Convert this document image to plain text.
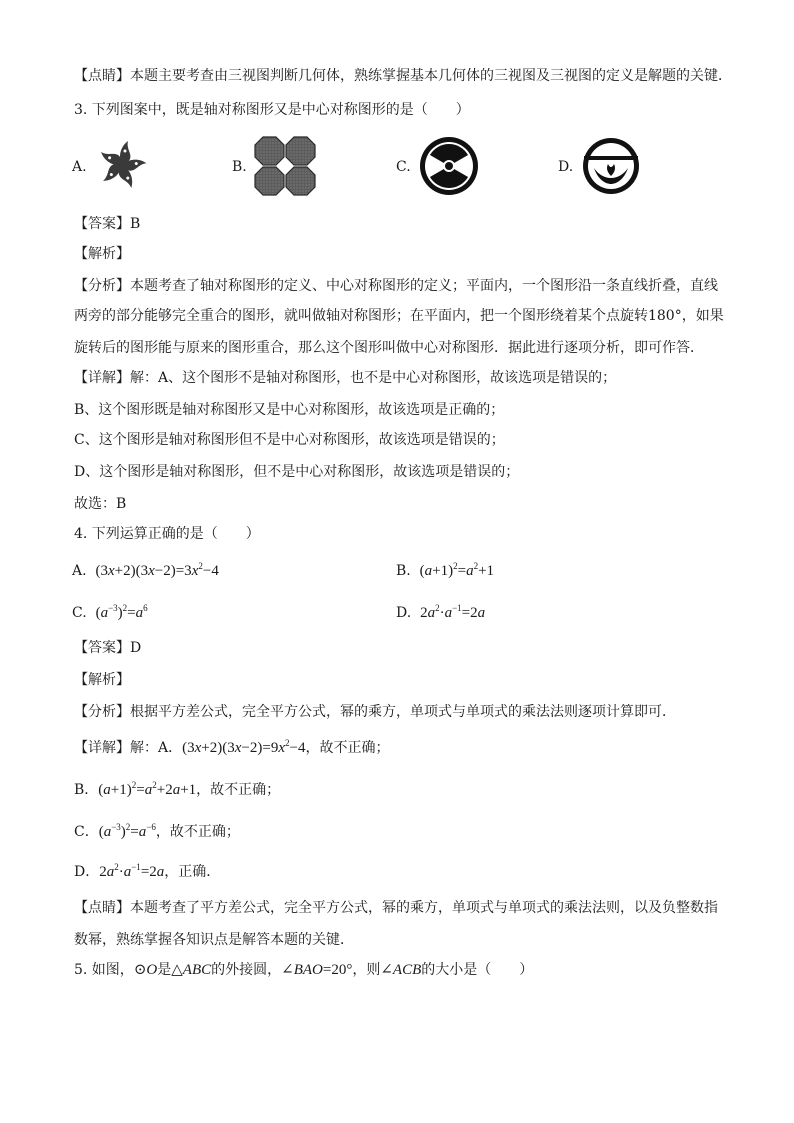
【点睛】本题主要考查由三视图判断几何体，熟练掌握基本几何体的三视图及三视图的定义是解题的关键．
3. 下列图案中，既是轴对称图形又是中心对称图形的是（　　）
A.	B.	C.	D.
【答案】B
【解析】
【分析】本题考查了轴对称图形的定义、中心对称图形的定义；平面内，一个图形沿一条直线折叠，直线
两旁的部分能够完全重合的图形，就叫做轴对称图形；在平面内，把一个图形绕着某个点旋转180°，如果
旋转后的图形能与原来的图形重合，那么这个图形叫做中心对称图形．据此进行逐项分析，即可作答．
【详解】解：A、这个图形不是轴对称图形，也不是中心对称图形，故该选项是错误的；
B、这个图形既是轴对称图形又是中心对称图形，故该选项是正确的；
C、这个图形是轴对称图形但不是中心对称图形，故该选项是错误的；
D、这个图形是轴对称图形，但不是中心对称图形，故该选项是错误的；
故选：B
4. 下列运算正确的是（　　）
A. $(3x+2)(3x-2)=3x^2-4$	B. $(a+1)^2=a^2+1$
C. $(a^{-3})^2=a^6$	D. $2a^2\cdot a^{-1}=2a$
【答案】D
【解析】
【分析】根据平方差公式，完全平方公式，幂的乘方，单项式与单项式的乘法法则逐项计算即可．
【详解】解：A．$(3x+2)(3x-2)=9x^2-4$，故不正确；
B．$(a+1)^2=a^2+2a+1$，故不正确；
C．$(a^{-3})^2=a^{-6}$，故不正确；
D．$2a^2\cdot a^{-1}=2a$，正确．
【点睛】本题考查了平方差公式，完全平方公式，幂的乘方，单项式与单项式的乘法法则，以及负整数指
数幂，熟练掌握各知识点是解答本题的关键．
5. 如图，⊙O是△ABC的外接圆，∠BAO=20°，则∠ACB的大小是（　　）
